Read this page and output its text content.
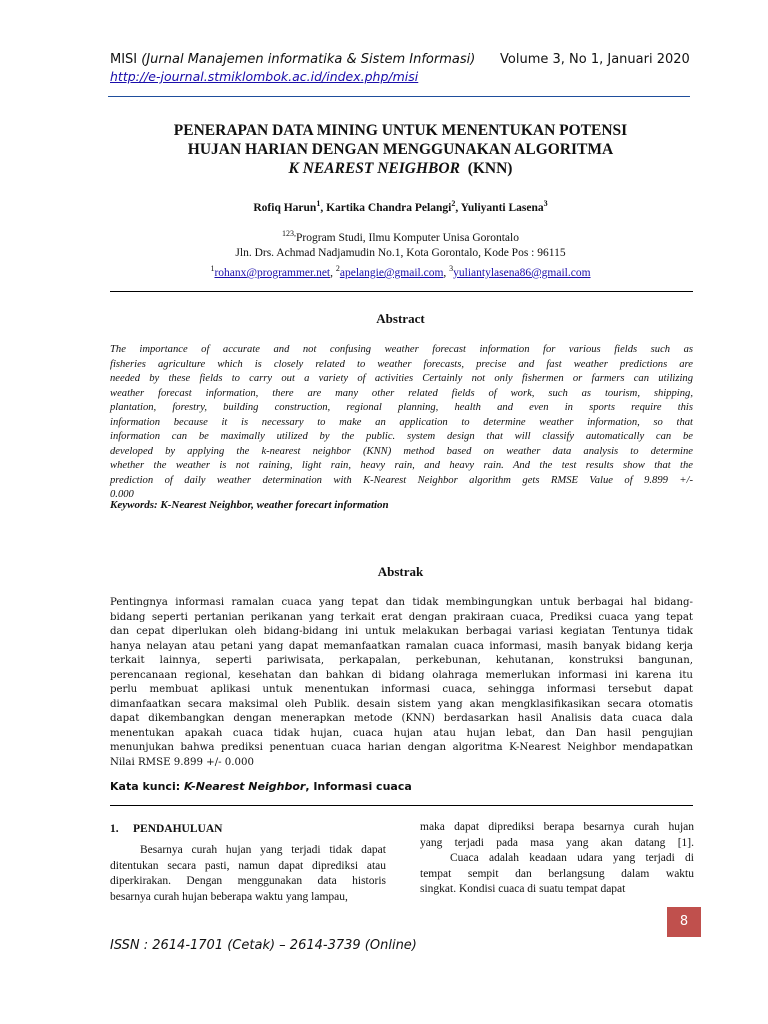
MISI (Jurnal Manajemen informatika & Sistem Informasi) Volume 3, No 1, Januari 2020
http://e-journal.stmiklombok.ac.id/index.php/misi
PENERAPAN DATA MINING UNTUK MENENTUKAN POTENSI
HUJAN HARIAN DENGAN MENGGUNAKAN ALGORITMA
K NEAREST NEIGHBOR (KNN)
Rofiq Harun$^1$, Kartika Chandra Pelangi$^2$, Yuliyanti Lasena$^3$
$^{123,}$Program Studi, Ilmu Komputer Unisa Gorontalo
Jln. Drs. Achmad Nadjamudin No.1, Kota Gorontalo, Kode Pos : 96115
$^1$rohanx@programmer.net, $^2$apelangie@gmail.com, $^3$yuliantylasena86@gmail.com
Abstract
The importance of accurate and not confusing weather forecast information for various fields such as
fisheries agriculture which is closely related to weather forecasts, precise and fast weather predictions are
needed by these fields to carry out a variety of activities Certainly not only fishermen or farmers can utilizing
weather forecast information, there are many other related fields of work, such as tourism, shipping,
plantation, forestry, building construction, regional planning, health and even in sports require this
information because it is necessary to make an application to determine weather information, so that
information can be maximally utilized by the public. system design that will classify automatically can be
developed by applying the k-nearest neighbor (KNN) method based on weather data analysis to determine
whether the weather is not raining, light rain, heavy rain, and heavy rain. And the test results show that the
prediction of daily weather determination with K-Nearest Neighbor algorithm gets RMSE Value of 9.899 +/-
0.000
Keywords: K-Nearest Neighbor, weather forecart information
Abstrak
Pentingnya informasi ramalan cuaca yang tepat dan tidak membingungkan untuk berbagai hal bidang-
bidang seperti pertanian perikanan yang terkait erat dengan prakiraan cuaca, Prediksi cuaca yang tepat
dan cepat diperlukan oleh bidang-bidang ini untuk melakukan berbagai variasi kegiatan Tentunya tidak
hanya nelayan atau petani yang dapat memanfaatkan ramalan cuaca informasi, masih banyak bidang kerja
terkait lainnya, seperti pariwisata, perkapalan, perkebunan, kehutanan, konstruksi bangunan,
perencanaan regional, kesehatan dan bahkan di bidang olahraga memerlukan informasi ini karena itu
perlu membuat aplikasi untuk menentukan informasi cuaca, sehingga informasi tersebut dapat
dimanfaatkan secara maksimal oleh Publik. desain sistem yang akan mengklasifikasikan secara otomatis
dapat dikembangkan dengan menerapkan metode (KNN) berdasarkan hasil Analisis data cuaca dala
menentukan apakah cuaca tidak hujan, cuaca hujan atau hujan lebat, dan Dan hasil pengujian
menunjukan bahwa prediksi penentuan cuaca harian dengan algoritma K-Nearest Neighbor mendapatkan
Nilai RMSE 9.899 +/- 0.000
Kata kunci: K-Nearest Neighbor, Informasi cuaca
1.     PENDAHULUAN
Besarnya curah hujan yang terjadi tidak dapat
ditentukan secara pasti, namun dapat diprediksi atau
diperkirakan. Dengan menggunakan data historis
besarnya curah hujan beberapa waktu yang lampau,
maka dapat diprediksi berapa besarnya curah hujan
yang terjadi pada masa yang akan datang [1].
Cuaca adalah keadaan udara yang terjadi di
tempat sempit dan berlangsung dalam waktu
singkat. Kondisi cuaca di suatu tempat dapat
ISSN : 2614-1701 (Cetak) – 2614-3739 (Online)
8
